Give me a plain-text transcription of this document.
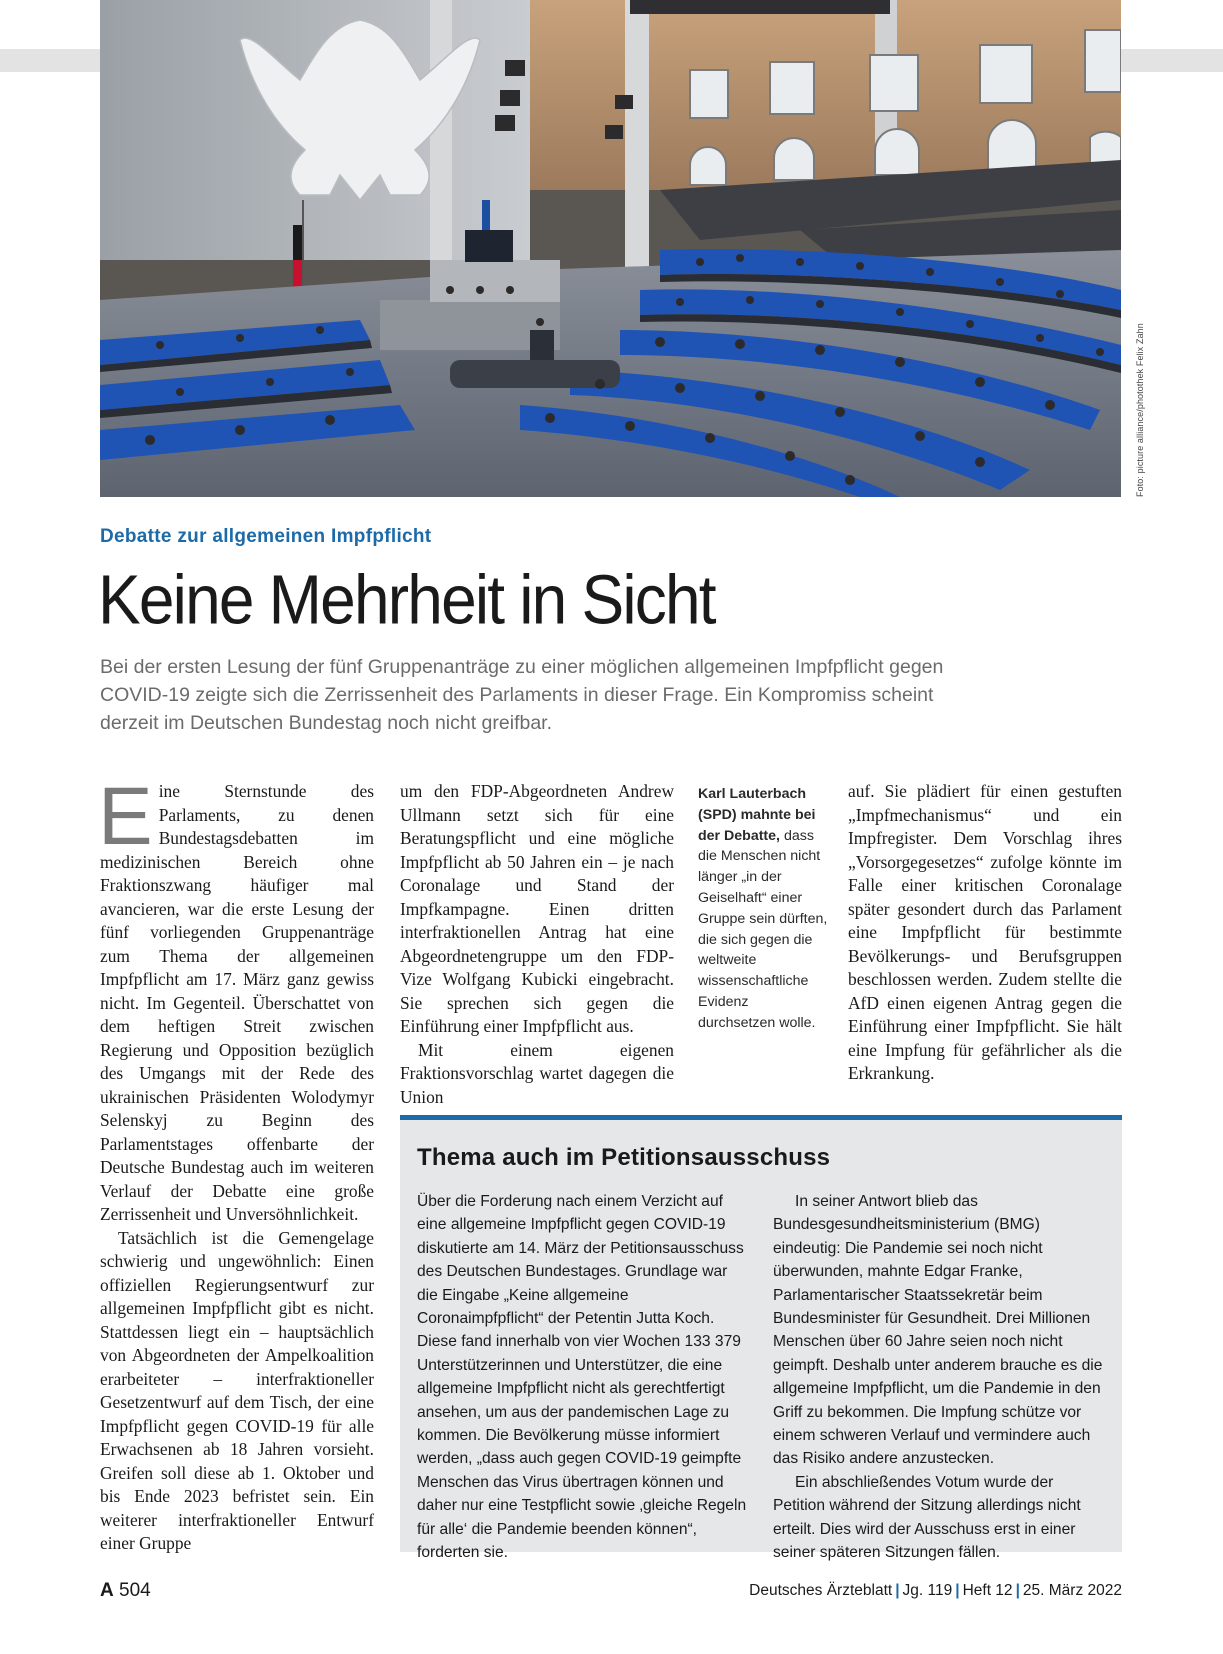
Foto: picture alliance/photothek Felix Zahn
Debatte zur allgemeinen Impfpflicht
Keine Mehrheit in Sicht
Bei der ersten Lesung der fünf Gruppenanträge zu einer möglichen allgemeinen Impfpflicht gegen COVID-19 zeigte sich die Zerrissenheit des Parlaments in dieser Frage. Ein Kompromiss scheint derzeit im Deutschen Bundestag noch nicht greifbar.

Eine Sternstunde des Parlaments, zu denen Bundestagsdebatten im medizinischen Bereich ohne Fraktionszwang häufiger mal avancieren, war die erste Lesung der fünf vorliegenden Gruppenanträge zum Thema der allgemeinen Impfpflicht am 17. März ganz gewiss nicht. Im Gegenteil. Überschattet von dem heftigen Streit zwischen Regierung und Opposition bezüglich des Umgangs mit der Rede des ukrainischen Präsidenten Wolodymyr Selenskyj zu Beginn des Parlamentstages offenbarte der Deutsche Bundestag auch im weiteren Verlauf der Debatte eine große Zerrissenheit und Unversöhnlichkeit.

Tatsächlich ist die Gemengelage schwierig und ungewöhnlich: Einen offiziellen Regierungsentwurf zur allgemeinen Impfpflicht gibt es nicht. Stattdessen liegt ein – hauptsächlich von Abgeordneten der Ampelkoalition erarbeiteter – interfraktioneller Gesetzentwurf auf dem Tisch, der eine Impfpflicht gegen COVID-19 für alle Erwachsenen ab 18 Jahren vorsieht. Greifen soll diese ab 1. Oktober und bis Ende 2023 befristet sein. Ein weiterer interfraktioneller Entwurf einer Gruppe

um den FDP-Abgeordneten Andrew Ullmann setzt sich für eine Beratungspflicht und eine mögliche Impfpflicht ab 50 Jahren ein – je nach Coronalage und Stand der Impfkampagne. Einen dritten interfraktionellen Antrag hat eine Abgeordnetengruppe um den FDP-Vize Wolfgang Kubicki eingebracht. Sie sprechen sich gegen die Einführung einer Impfpflicht aus.

Mit einem eigenen Fraktionsvorschlag wartet dagegen die Union

Karl Lauterbach (SPD) mahnte bei der Debatte, dass die Menschen nicht länger „in der Geiselhaft“ einer Gruppe sein dürften, die sich gegen die weltweite wissenschaftliche Evidenz durchsetzen wolle.

auf. Sie plädiert für einen gestuften „Impfmechanismus“ und ein Impfregister. Dem Vorschlag ihres „Vorsorgegesetzes“ zufolge könnte im Falle einer kritischen Coronalage später gesondert durch das Parlament eine Impfpflicht für bestimmte Bevölkerungs- und Berufsgruppen beschlossen werden. Zudem stellte die AfD einen eigenen Antrag gegen die Einführung einer Impfpflicht. Sie hält eine Impfung für gefährlicher als die Erkrankung.

Thema auch im Petitionsausschuss

Über die Forderung nach einem Verzicht auf eine allgemeine Impfpflicht gegen COVID-19 diskutierte am 14. März der Petitionsausschuss des Deutschen Bundestages. Grundlage war die Eingabe „Keine allgemeine Coronaimpfpflicht“ der Petentin Jutta Koch. Diese fand innerhalb von vier Wochen 133 379 Unterstützerinnen und Unterstützer, die eine allgemeine Impfpflicht nicht als gerechtfertigt ansehen, um aus der pandemischen Lage zu kommen. Die Bevölkerung müsse informiert werden, „dass auch gegen COVID-19 geimpfte Menschen das Virus übertragen können und daher nur eine Testpflicht sowie ‚gleiche Regeln für alle‘ die Pandemie beenden können“, forderten sie.

In seiner Antwort blieb das Bundesgesundheitsministerium (BMG) eindeutig: Die Pandemie sei noch nicht überwunden, mahnte Edgar Franke, Parlamentarischer Staatssekretär beim Bundesminister für Gesundheit. Drei Millionen Menschen über 60 Jahre seien noch nicht geimpft. Deshalb unter anderem brauche es die allgemeine Impfpflicht, um die Pandemie in den Griff zu bekommen. Die Impfung schütze vor einem schweren Verlauf und vermindere auch das Risiko andere anzustecken.

Ein abschließendes Votum wurde der Petition während der Sitzung allerdings nicht erteilt. Dies wird der Ausschuss erst in einer seiner späteren Sitzungen fällen.

A 504	Deutsches Ärzteblatt | Jg. 119 | Heft 12 | 25. März 2022
